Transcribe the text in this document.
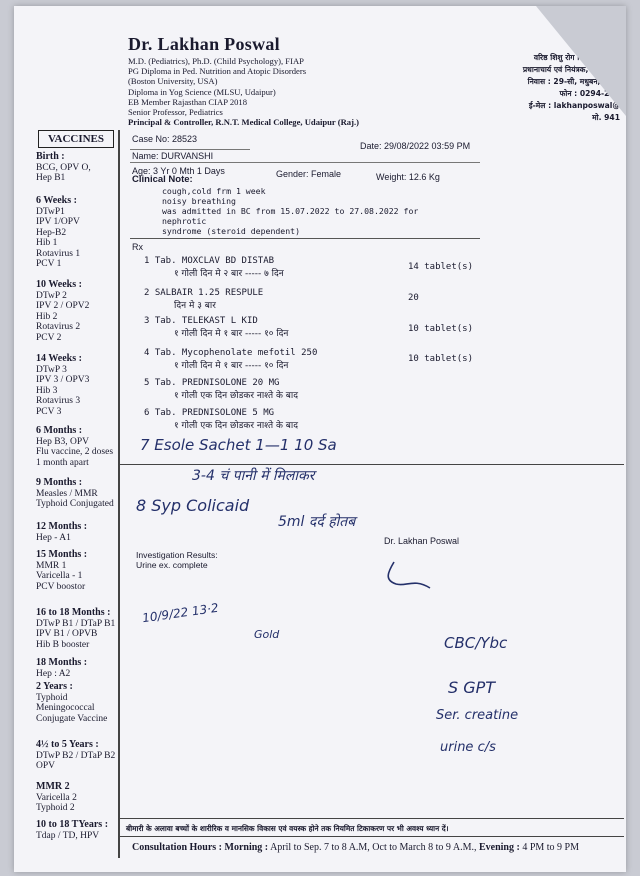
Dr. Lakhan Poswal
M.D. (Pediatrics), Ph.D. (Child Psychology), FIAP
PG Diploma in Ped. Nutrition and Atopic Disorders
(Boston University, USA)
Diploma in Yog Science (MLSU, Udaipur)
EB Member Rajasthan CIAP 2018
Senior Professor, Pediatrics
Principal & Controller, R.N.T. Medical College, Udaipur (Raj.)
डॉ. ला
वरिष्ठ शिशु रोग विशेषज्ञ, साइक
प्रधानाचार्य एवं नियंत्रक, र.ना.टै. मे
निवास : 29-सी, मधुबन, उदयपु
फोन : 0294-252
ई-मेल : lakhanposwal@
मो. 941
VACCINES
Birth :
BCG, OPV O,
Hep B1
6 Weeks :
DTwP1
IPV 1/OPV
Hep-B2
Hib 1
Rotavirus 1
PCV 1
10 Weeks :
DTwP 2
IPV 2 / OPV2
Hib 2
Rotavirus 2
PCV 2
14 Weeks :
DTwP 3
IPV 3 / OPV3
Hib 3
Rotavirus 3
PCV 3
6 Months :
Hep B3, OPV
Flu vaccine, 2 doses
1 month apart
9 Months :
Measles / MMR
Typhoid Conjugated
12 Months :
Hep - A1
15 Months :
MMR 1
Varicella - 1
PCV boostor
16 to 18 Months :
DTwP B1 / DTaP B1
IPV B1 / OPVB
Hib B booster
18 Months :
Hep : A2
2 Years :
Typhoid
Meningococcal
Conjugate Vaccine
4½ to 5 Years :
DTwP B2 / DTaP B2
OPV
MMR 2
Varicella 2
Typhoid 2
10 to 18 TYears :
Tdap / TD, HPV
Case No: 28523
Date: 29/08/2022 03:59 PM
Name: DURVANSHI
Age: 3 Yr 0 Mth 1 Days	Gender: Female	Weight: 12.6 Kg
Clinical Note:
cough,cold frm 1 week
noisy breathing
was admitted in BC from 15.07.2022 to 27.08.2022 for nephrotic
syndrome (steroid dependent)
Rx
1 Tab. MOXCLAV BD DISTAB
१ गोली दिन मे २ बार ----- ७ दिन
14 tablet(s)
2 SALBAIR 1.25 RESPULE
दिन मे ३ बार
20
3 Tab. TELEKAST L KID
१ गोली दिन मे १ बार ----- १० दिन	10 tablet(s)
4 Tab. Mycophenolate mefotil 250
१ गोली दिन मे १ बार ----- १० दिन
10 tablet(s)
5 Tab. PREDNISOLONE 20 MG
१ गोली एक दिन छोडकर नाश्ते के बाद
6 Tab. PREDNISOLONE 5 MG
१ गोली एक दिन छोडकर नाश्ते के बाद
7 Esole Sachet 1—1 10 Sa
3-4 चं पानी में मिलाकर
8 Syp Colicaid
5ml दर्द होतब
Dr. Lakhan Poswal
Investigation Results:
Urine ex. complete
10/9/22 13·2
Gold	CBC/Ybc
S GPT
Ser. creatine
urine c/s
बीमारी के अलावा बच्चों के शारीरिक व मानसिक विकास एवं वयस्क होने तक नियमित टिकाकरण पर भी अवश्य ध्यान दें।
Consultation Hours : Morning : April to Sep. 7 to 8 A.M, Oct to March 8 to 9 A.M., Evening : 4 PM to 9 PM
